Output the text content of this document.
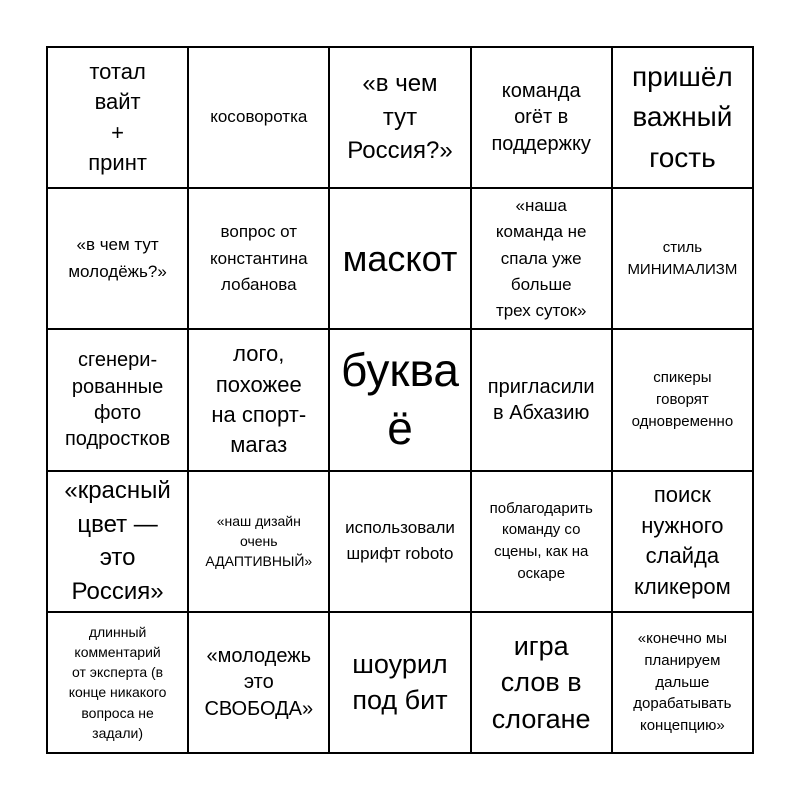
тотал
вайт
+
принт
косоворотка
«в чем
тут
Россия?»
команда
orёт в
поддержку
пришёл
важный
гость
«в чем тут
молодёжь?»
вопрос от
константина
лобанова
маскот
«наша
команда не
спала уже
больше
трех суток»
стиль
МИНИМАЛИЗМ
сгенери-
рованные
фото
подростков
лого,
похожее
на спорт-
магаз
буква
ё
пригласили
в Абхазию
спикеры
говорят
одновременно
«красный
цвет —
это
Россия»
«наш дизайн
очень
АДАПТИВНЫЙ»
использовали
шрифт roboto
поблагодарить
команду со
сцены, как на
оскаре
поиск
нужного
слайда
кликером
длинный
комментарий
от эксперта (в
конце никакого
вопроса не
задали)
«молодежь
это
СВОБОДА»
шоурил
под бит
игра
слов в
слогане
«конечно мы
планируем
дальше
дорабатывать
концепцию»
